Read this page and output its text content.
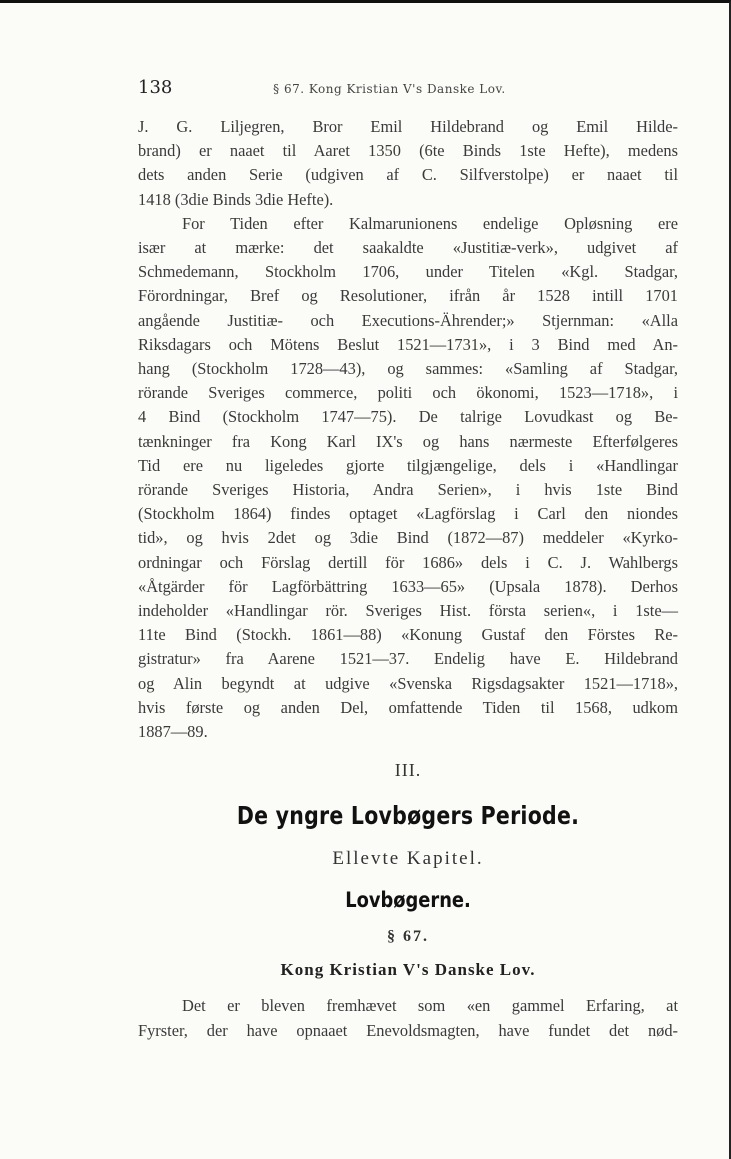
138	§ 67. Kong Kristian V's Danske Lov.

J. G. Liljegren, Bror Emil Hildebrand og Emil Hilde-
brand) er naaet til Aaret 1350 (6te Binds 1ste Hefte), medens
dets anden Serie (udgiven af C. Silfverstolpe) er naaet til
1418 (3die Binds 3die Hefte).

For Tiden efter Kalmarunionens endelige Opløsning ere
især at mærke: det saakaldte «Justitiæ-verk», udgivet af
Schmedemann, Stockholm 1706, under Titelen «Kgl. Stadgar,
Förordningar, Bref og Resolutioner, ifrån år 1528 intill 1701
angående Justitiæ- och Executions-Ährender;» Stjernman: «Alla
Riksdagars och Mötens Beslut 1521—1731», i 3 Bind med An-
hang (Stockholm 1728—43), og sammes: «Samling af Stadgar,
rörande Sveriges commerce, politi och ökonomi, 1523—1718», i
4 Bind (Stockholm 1747—75). De talrige Lovudkast og Be-
tænkninger fra Kong Karl IX's og hans nærmeste Efterfølgeres
Tid ere nu ligeledes gjorte tilgjængelige, dels i «Handlingar
rörande Sveriges Historia, Andra Serien», i hvis 1ste Bind
(Stockholm 1864) findes optaget «Lagförslag i Carl den niondes
tid», og hvis 2det og 3die Bind (1872—87) meddeler «Kyrko-
ordningar och Förslag dertill för 1686» dels i C. J. Wahlbergs
«Åtgärder för Lagförbättring 1633—65» (Upsala 1878). Derhos
indeholder «Handlingar rör. Sveriges Hist. första serien«, i 1ste—
11te Bind (Stockh. 1861—88) «Konung Gustaf den Förstes Re-
gistratur» fra Aarene 1521—37. Endelig have E. Hildebrand
og Alin begyndt at udgive «Svenska Rigsdagsakter 1521—1718»,
hvis første og anden Del, omfattende Tiden til 1568, udkom
1887—89.

III.
De yngre Lovbøgers Periode.
Ellevte Kapitel.
Lovbøgerne.
§ 67.
Kong Kristian V's Danske Lov.
Det er bleven fremhævet som «en gammel Erfaring, at
Fyrster, der have opnaaet Enevoldsmagten, have fundet det nød-
